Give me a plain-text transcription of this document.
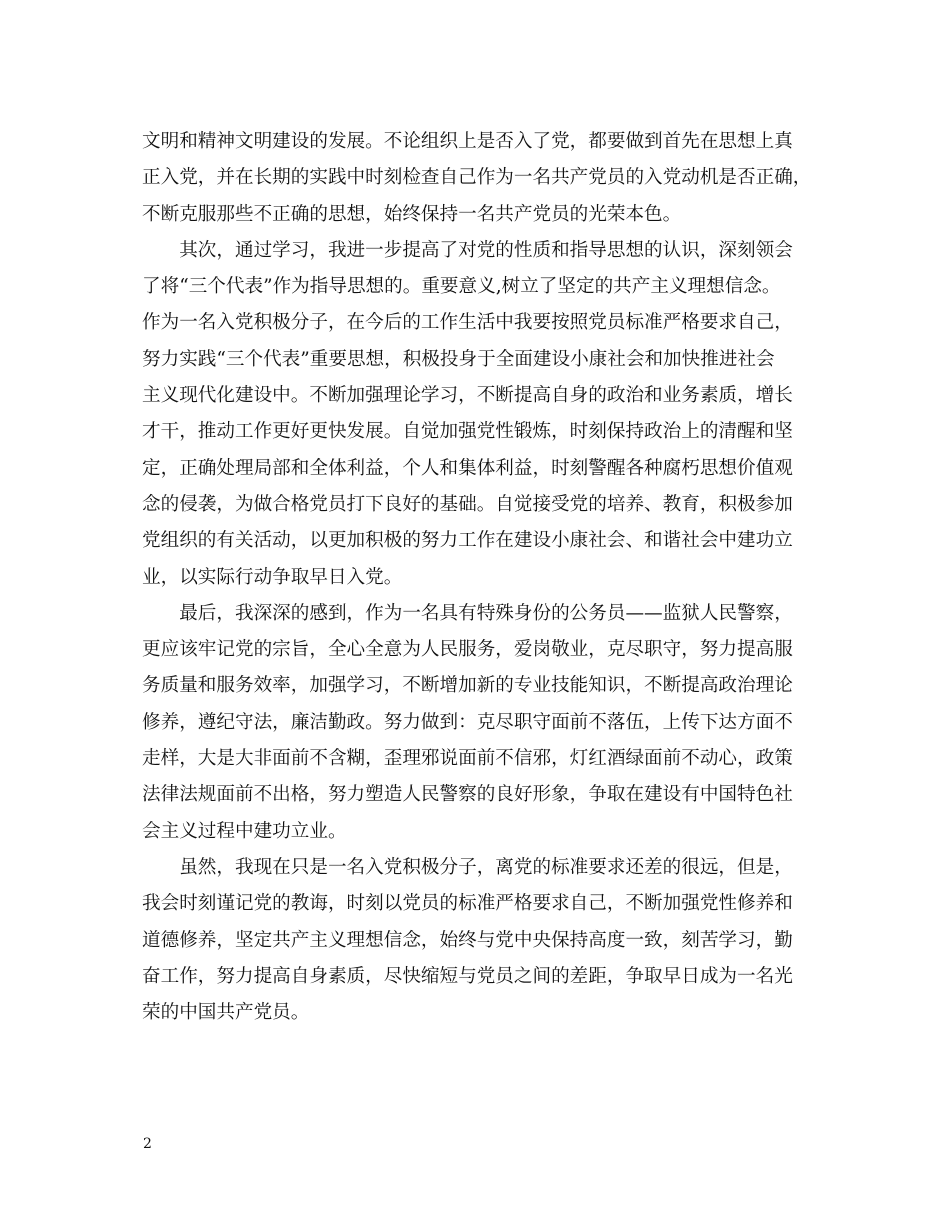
文明和精神文明建设的发展。不论组织上是否入了党，都要做到首先在思想上真
正入党，并在长期的实践中时刻检查自己作为一名共产党员的入党动机是否正确，
不断克服那些不正确的思想，始终保持一名共产党员的光荣本色。
　　其次，通过学习，我进一步提高了对党的性质和指导思想的认识，深刻领会
了将“三个代表”作为指导思想的。重要意义,树立了坚定的共产主义理想信念。
作为一名入党积极分子，在今后的工作生活中我要按照党员标准严格要求自己，
努力实践“三个代表”重要思想，积极投身于全面建设小康社会和加快推进社会
主义现代化建设中。不断加强理论学习，不断提高自身的政治和业务素质，增长
才干，推动工作更好更快发展。自觉加强党性锻炼，时刻保持政治上的清醒和坚
定，正确处理局部和全体利益，个人和集体利益，时刻警醒各种腐朽思想价值观
念的侵袭，为做合格党员打下良好的基础。自觉接受党的培养、教育，积极参加
党组织的有关活动，以更加积极的努力工作在建设小康社会、和谐社会中建功立
业，以实际行动争取早日入党。
　　最后，我深深的感到，作为一名具有特殊身份的公务员——监狱人民警察，
更应该牢记党的宗旨，全心全意为人民服务，爱岗敬业，克尽职守，努力提高服
务质量和服务效率，加强学习，不断增加新的专业技能知识，不断提高政治理论
修养，遵纪守法，廉洁勤政。努力做到：克尽职守面前不落伍，上传下达方面不
走样，大是大非面前不含糊，歪理邪说面前不信邪，灯红酒绿面前不动心，政策
法律法规面前不出格，努力塑造人民警察的良好形象，争取在建设有中国特色社
会主义过程中建功立业。
　　虽然，我现在只是一名入党积极分子，离党的标准要求还差的很远，但是，
我会时刻谨记党的教诲，时刻以党员的标准严格要求自己，不断加强党性修养和
道德修养，坚定共产主义理想信念，始终与党中央保持高度一致，刻苦学习，勤
奋工作，努力提高自身素质，尽快缩短与党员之间的差距，争取早日成为一名光
荣的中国共产党员。
2
